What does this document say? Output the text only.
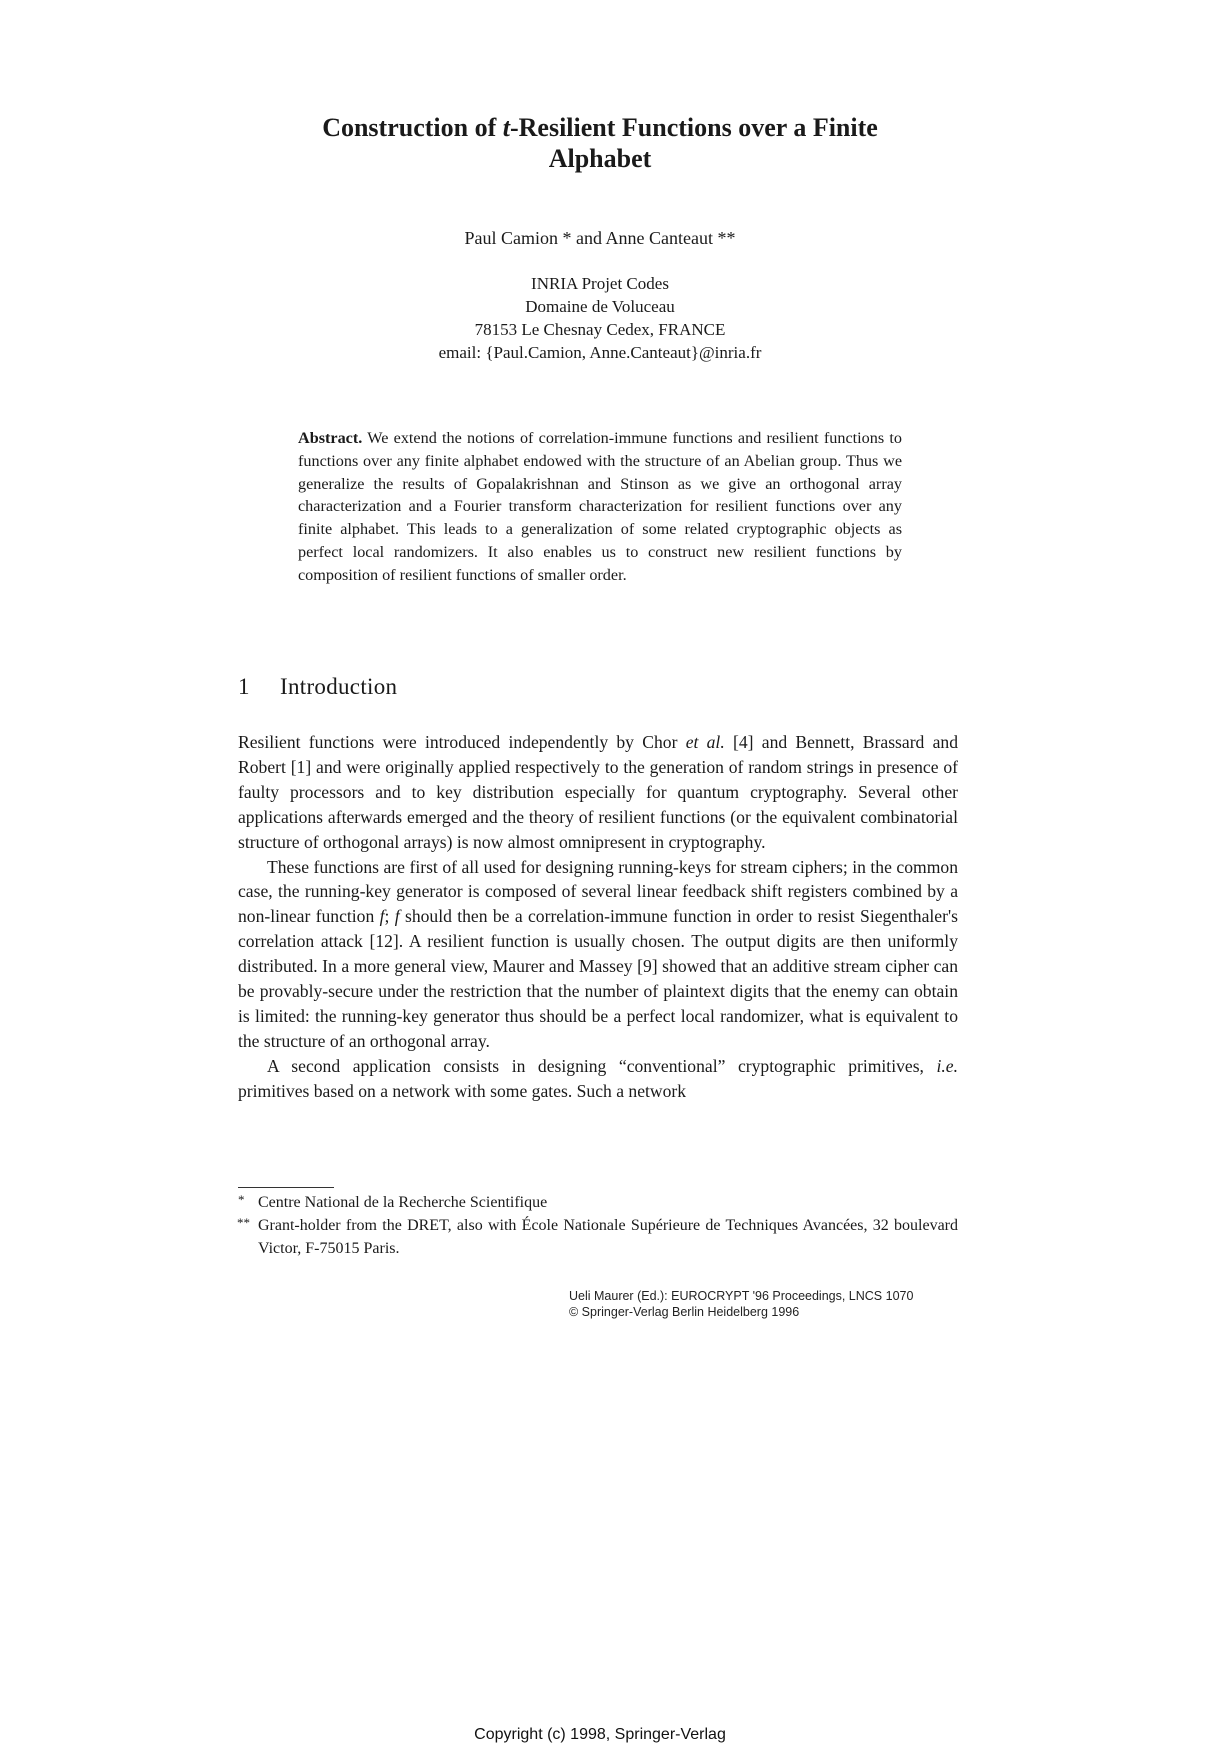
Construction of t-Resilient Functions over a Finite
Alphabet
Paul Camion * and Anne Canteaut **
INRIA Projet Codes
Domaine de Voluceau
78153 Le Chesnay Cedex, FRANCE
email: {Paul.Camion, Anne.Canteaut}@inria.fr
Abstract. We extend the notions of correlation-immune functions and resilient functions to functions over any finite alphabet endowed with the structure of an Abelian group. Thus we generalize the results of Gopalakrishnan and Stinson as we give an orthogonal array characterization and a Fourier transform characterization for resilient functions over any finite alphabet. This leads to a generalization of some related cryptographic objects as perfect local randomizers. It also enables us to construct new resilient functions by composition of resilient functions of smaller order.
1 Introduction

Resilient functions were introduced independently by Chor et al. [4] and Bennett, Brassard and Robert [1] and were originally applied respectively to the generation of random strings in presence of faulty processors and to key distribution especially for quantum cryptography. Several other applications afterwards emerged and the theory of resilient functions (or the equivalent combinatorial structure of orthogonal arrays) is now almost omnipresent in cryptography.

These functions are first of all used for designing running-keys for stream ciphers; in the common case, the running-key generator is composed of several linear feedback shift registers combined by a non-linear function f; f should then be a correlation-immune function in order to resist Siegenthaler's correlation attack [12]. A resilient function is usually chosen. The output digits are then uniformly distributed. In a more general view, Maurer and Massey [9] showed that an additive stream cipher can be provably-secure under the restriction that the number of plaintext digits that the enemy can obtain is limited: the running-key generator thus should be a perfect local randomizer, what is equivalent to the structure of an orthogonal array.

A second application consists in designing “conventional” cryptographic primitives, i.e. primitives based on a network with some gates. Such a network

* Centre National de la Recherche Scientifique
** Grant-holder from the DRET, also with École Nationale Supérieure de Techniques Avancées, 32 boulevard Victor, F-75015 Paris.
Ueli Maurer (Ed.): EUROCRYPT '96 Proceedings, LNCS 1070
© Springer-Verlag Berlin Heidelberg 1996
Copyright (c) 1998, Springer-Verlag
